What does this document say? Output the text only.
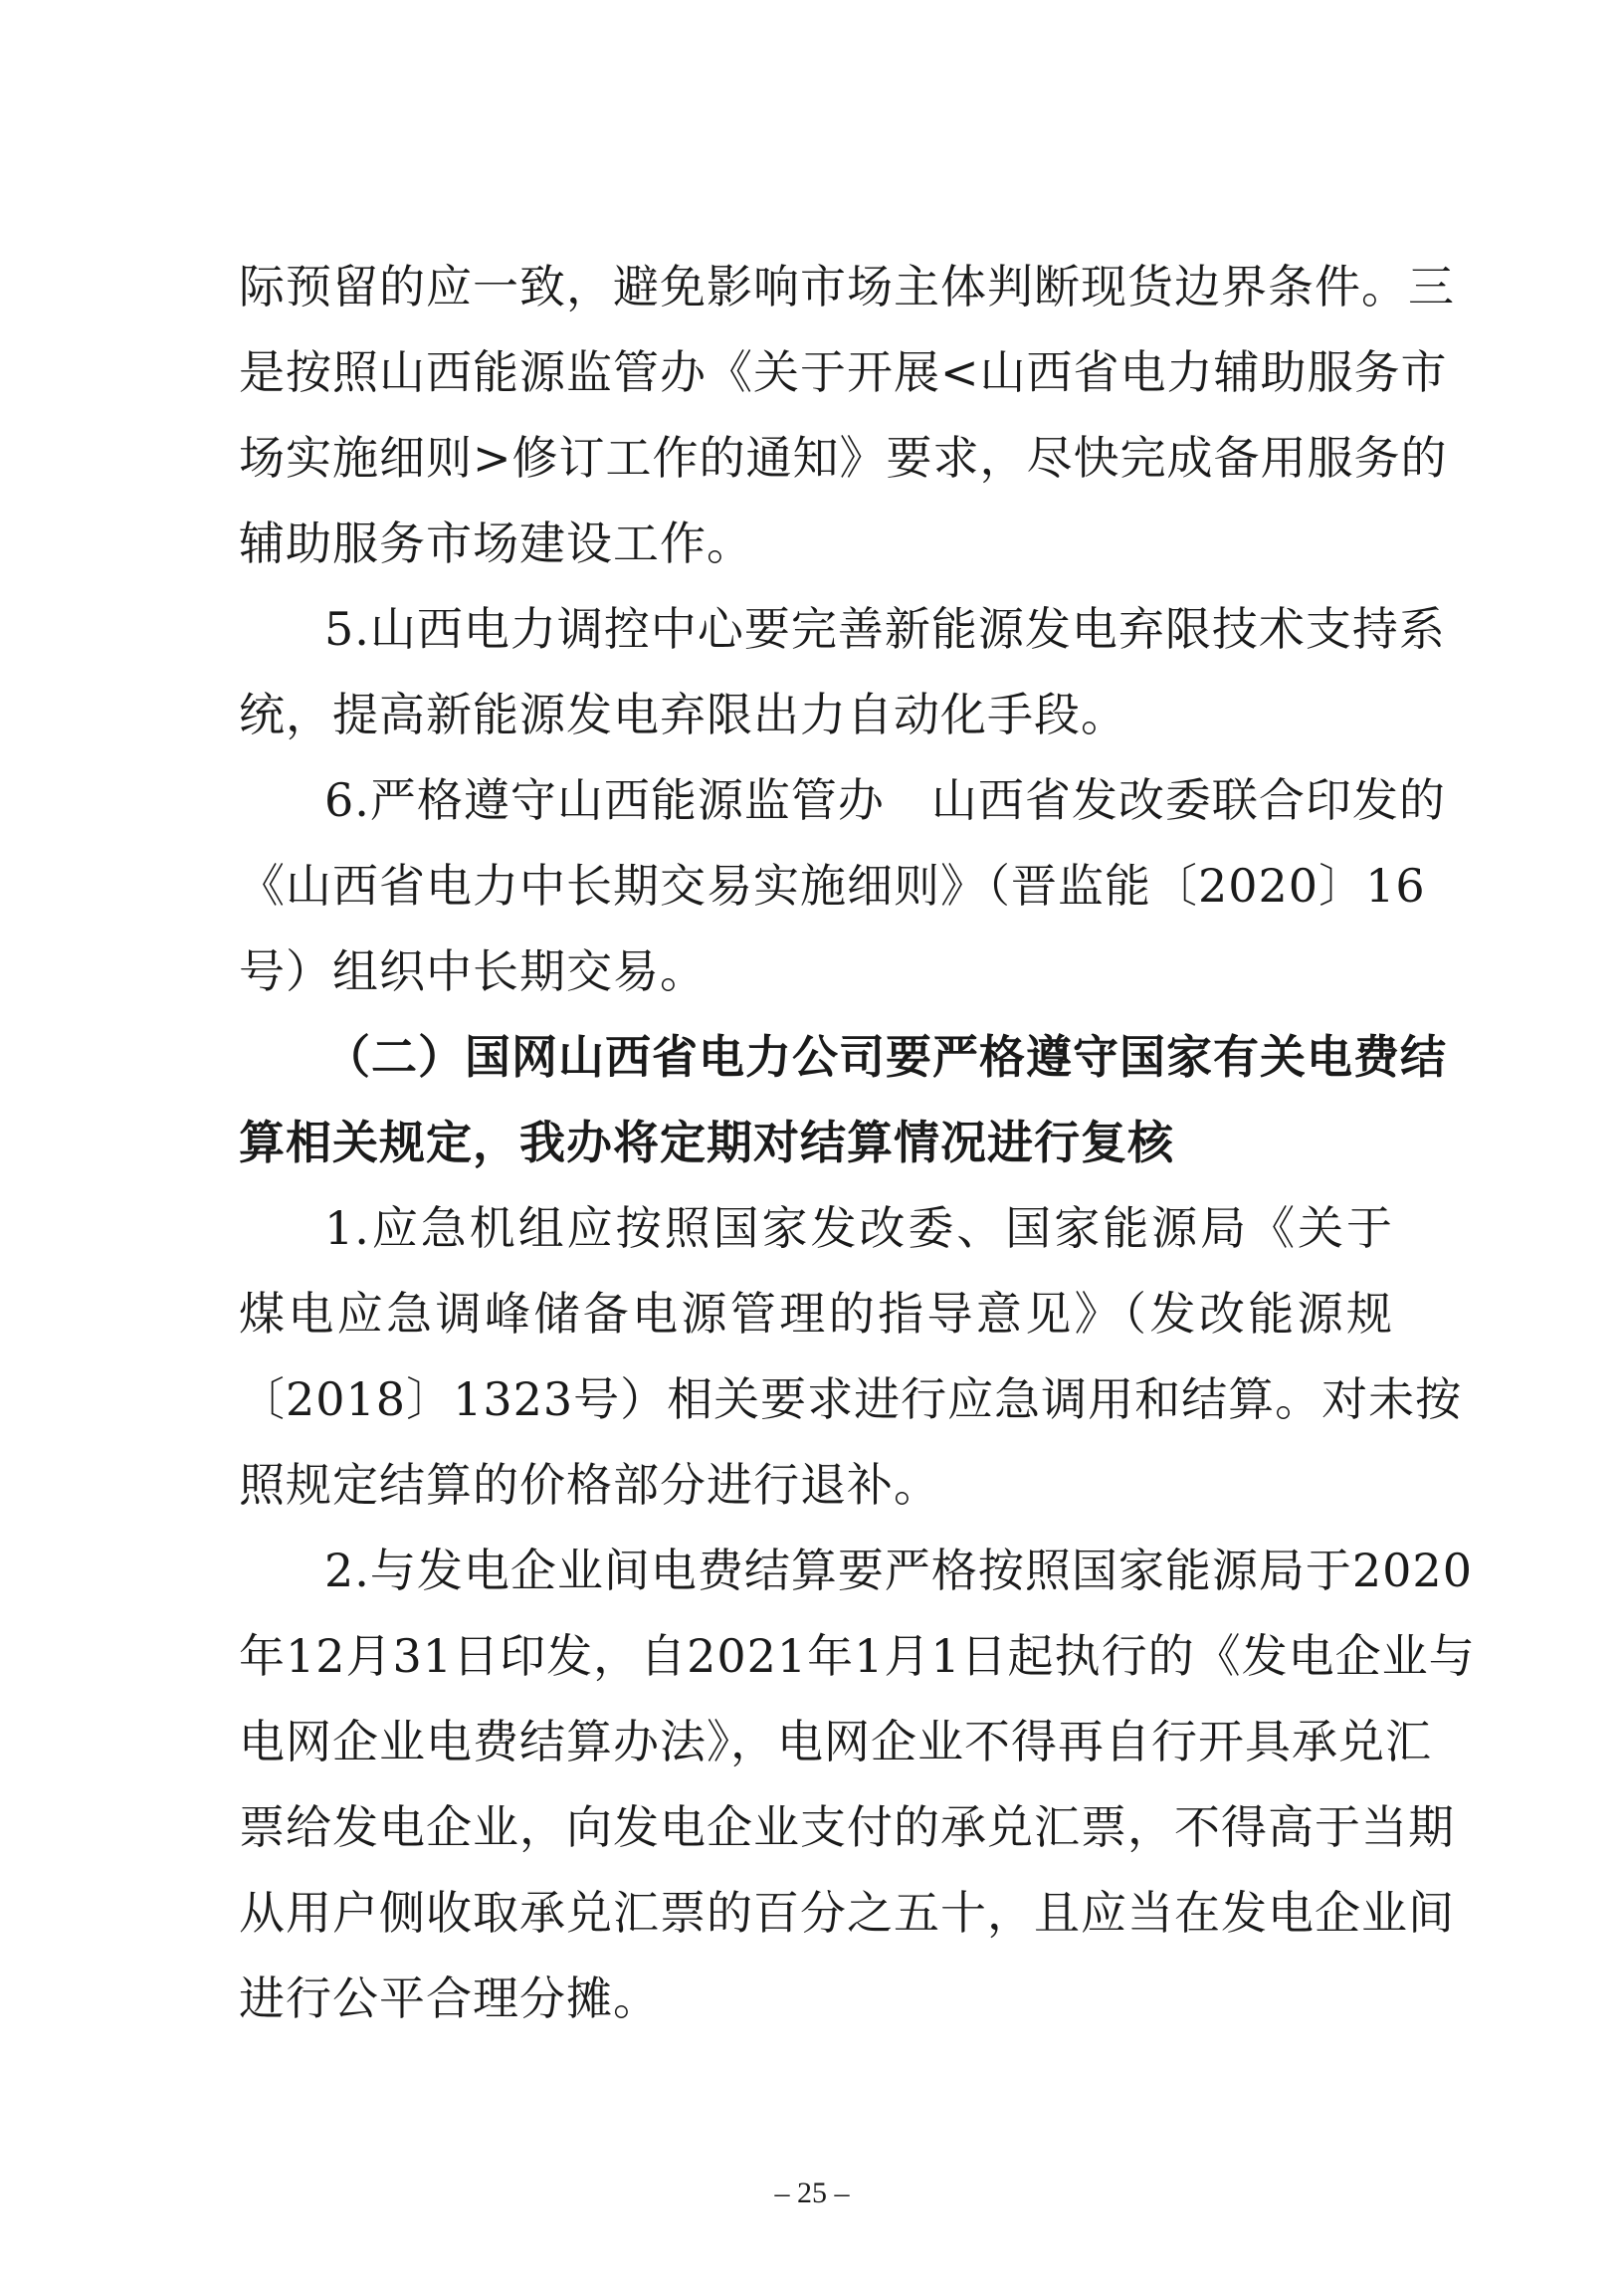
际预留的应一致，避免影响市场主体判断现货边界条件。三
是按照山西能源监管办《关于开展<山西省电力辅助服务市
场实施细则>修订工作的通知》要求，尽快完成备用服务的
辅助服务市场建设工作。
5.山西电力调控中心要完善新能源发电弃限技术支持系
统，提高新能源发电弃限出力自动化手段。
6.严格遵守山西能源监管办　山西省发改委联合印发的
《山西省电力中长期交易实施细则》（晋监能〔2020〕16
号）组织中长期交易。
（二）国网山西省电力公司要严格遵守国家有关电费结
算相关规定，我办将定期对结算情况进行复核
1.应急机组应按照国家发改委、国家能源局《关于
煤电应急调峰储备电源管理的指导意见》（发改能源规
〔2018〕1323号）相关要求进行应急调用和结算。对未按
照规定结算的价格部分进行退补。
2.与发电企业间电费结算要严格按照国家能源局于2020
年12月31日印发，自2021年1月1日起执行的《发电企业与
电网企业电费结算办法》，电网企业不得再自行开具承兑汇
票给发电企业，向发电企业支付的承兑汇票，不得高于当期
从用户侧收取承兑汇票的百分之五十，且应当在发电企业间
进行公平合理分摊。
– 25 –
